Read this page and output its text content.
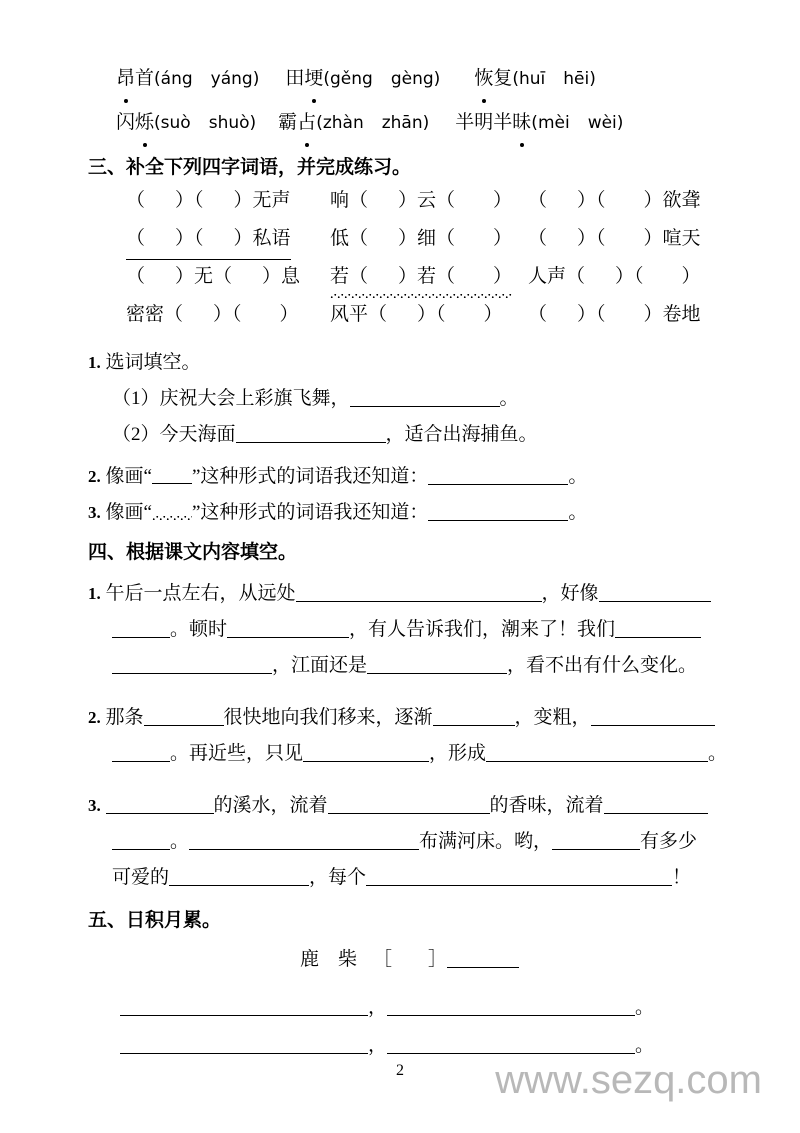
昂 首 ( áng yáng ) 田 埂 ( gěng gèng ) 恢 复 ( huī hēi )
闪 烁 ( suò shuò ) 霸 占 ( zhàn zhān ) 半明半 昧 ( mèi wèi )
三、补全下列四字词语，并完成练习。
（ ）（ ）无声 响（ ）云（ ） （ ）（ ）欲聋
（ ）（ ）私语 低（ ）细（ ） （ ）（ ）喧天
（ ）无（ ）息 若（ ）若（ ） 人声（ ）（ ）
密密（ ）（ ） 风平（ ）（ ） （ ）（ ）卷地
1. 选词填空。
（1）庆祝大会上彩旗飞舞，	。
（2）今天海面	，适合出海捕鱼。
2. 像画“ ”这种形式的词语我还知道：	。
3. 像画“ ”这种形式的词语我还知道：	。
四、根据课文内容填空。
1. 午后一点左右，从远处	，好像
。顿时	，有人告诉我们，潮来了！我们
，江面还是	，看不出有什么变化。
2. 那条	很快地向我们移来，逐渐	，变粗，
。再近些，只见	，形成	。
3.	的溪水，流着	的香味，流着
。	布满河床。哟，	有多少
可爱的	，每个	！
五、日积月累。
鹿　柴 ［ ］
，	。
，	。
2	www.sezq.com
